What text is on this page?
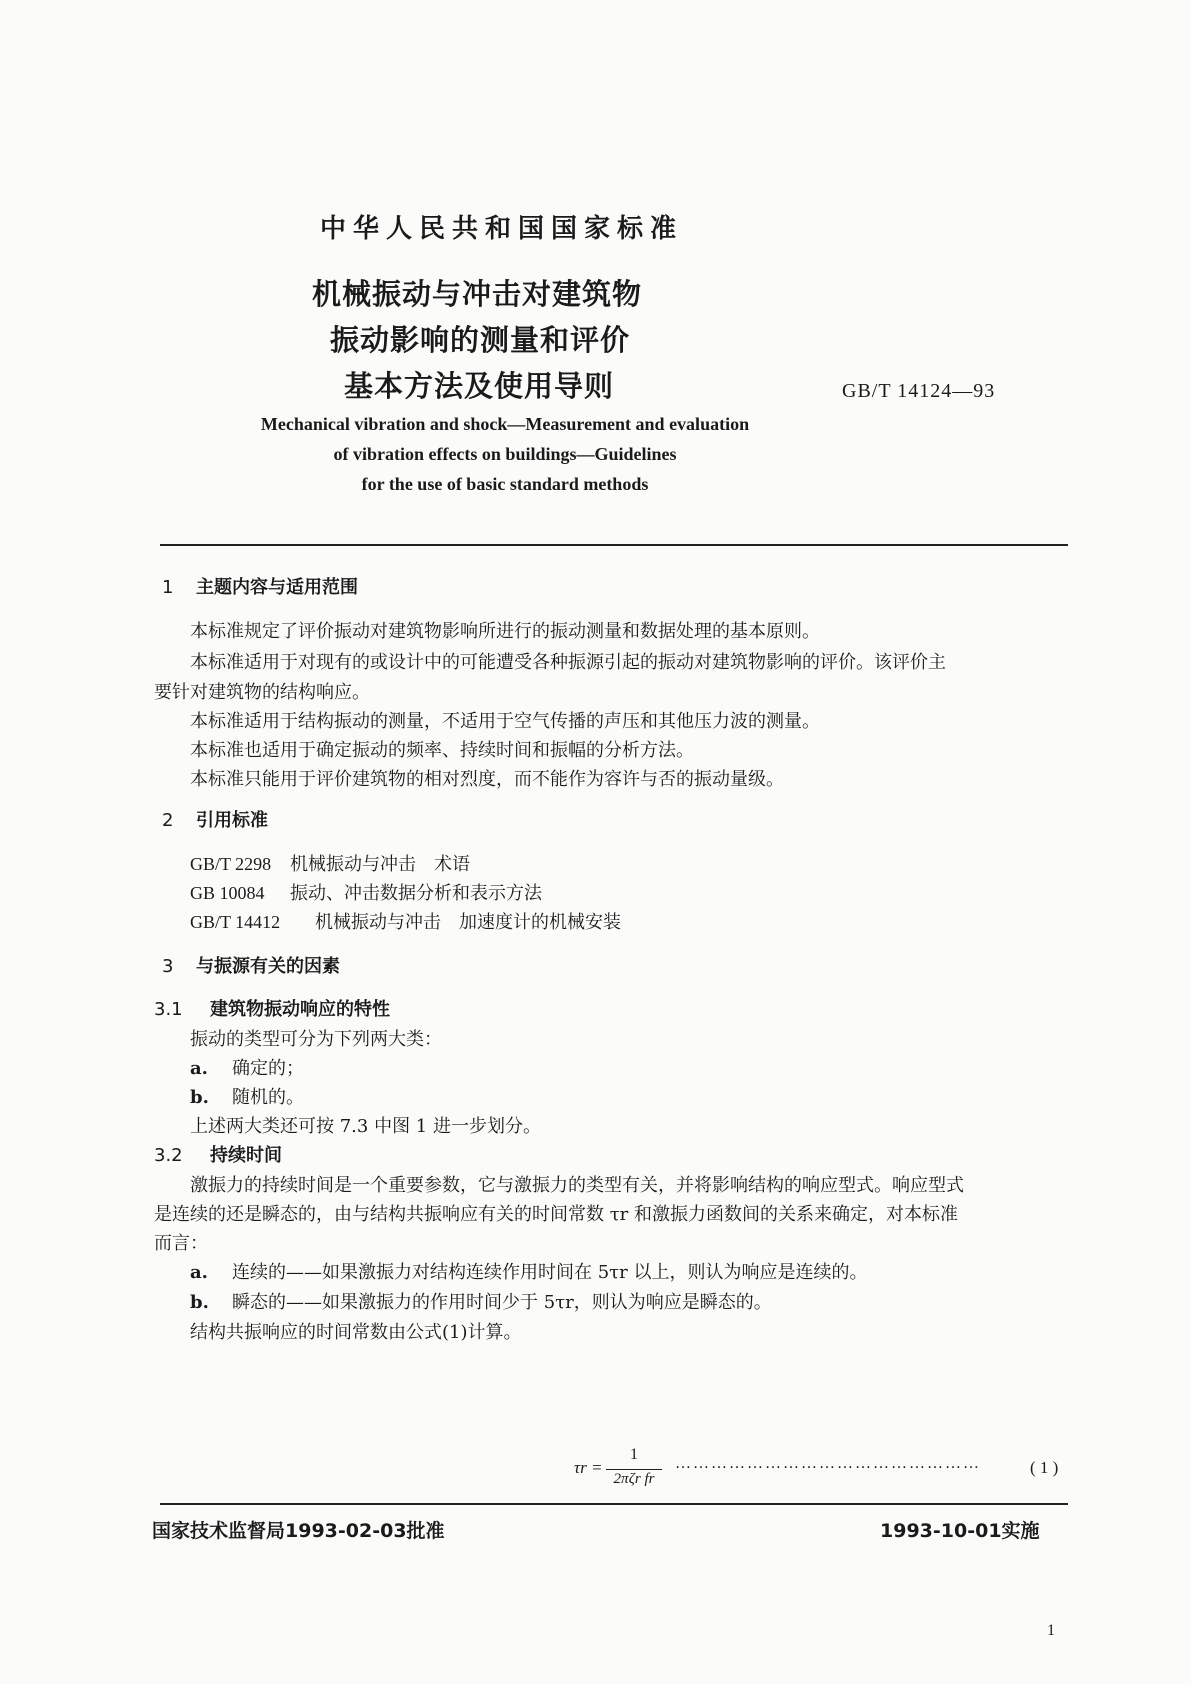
中华人民共和国国家标准
机械振动与冲击对建筑物
振动影响的测量和评价
基本方法及使用导则	GB/T 14124—93
Mechanical vibration and shock—Measurement and evaluation
of vibration effects on buildings—Guidelines
for the use of basic standard methods
1 主题内容与适用范围
本标准规定了评价振动对建筑物影响所进行的振动测量和数据处理的基本原则。
本标准适用于对现有的或设计中的可能遭受各种振源引起的振动对建筑物影响的评价。该评价主
要针对建筑物的结构响应。
本标准适用于结构振动的测量，不适用于空气传播的声压和其他压力波的测量。
本标准也适用于确定振动的频率、持续时间和振幅的分析方法。
本标准只能用于评价建筑物的相对烈度，而不能作为容许与否的振动量级。
2 引用标准
GB/T 2298 机械振动与冲击　术语
GB 10084 振动、冲击数据分析和表示方法
GB/T 14412 机械振动与冲击　加速度计的机械安装
3 与振源有关的因素
3.1 建筑物振动响应的特性
振动的类型可分为下列两大类：
a. 确定的；
b. 随机的。
上述两大类还可按 7.3 中图 1 进一步划分。
3.2 持续时间
激振力的持续时间是一个重要参数，它与激振力的类型有关，并将影响结构的响应型式。响应型式
是连续的还是瞬态的，由与结构共振响应有关的时间常数 τr 和激振力函数间的关系来确定，对本标准
而言：
a. 连续的——如果激振力对结构连续作用时间在 5τr 以上，则认为响应是连续的。
b. 瞬态的——如果激振力的作用时间少于 5τr，则认为响应是瞬态的。
结构共振响应的时间常数由公式(1)计算。
τr =
1
2πζr fr
……………………………………………	( 1 )
国家技术监督局1993-02-03批准	1993-10-01实施
1
